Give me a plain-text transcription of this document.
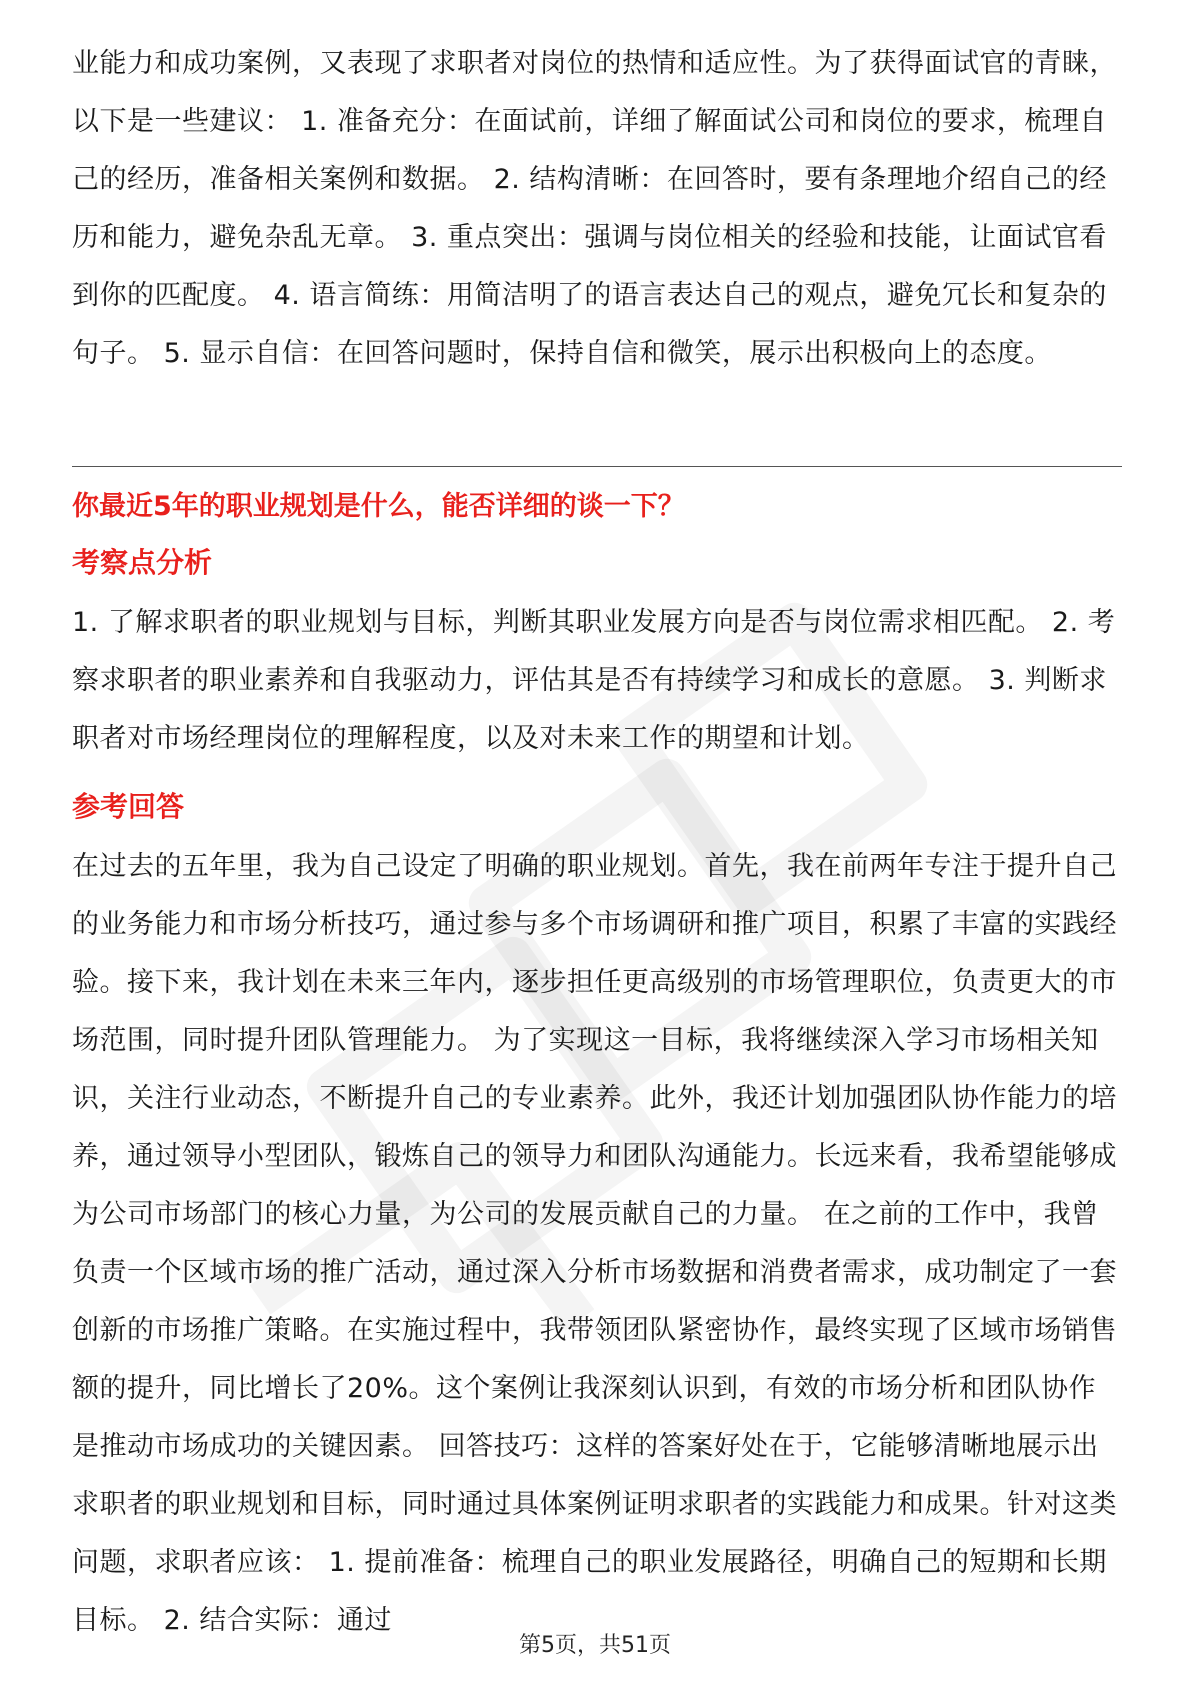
业能力和成功案例，又表现了求职者对岗位的热情和适应性。为了获得面试官的青睐，以下是一些建议： 1. 准备充分：在面试前，详细了解面试公司和岗位的要求，梳理自己的经历，准备相关案例和数据。 2. 结构清晰：在回答时，要有条理地介绍自己的经历和能力，避免杂乱无章。 3. 重点突出：强调与岗位相关的经验和技能，让面试官看到你的匹配度。 4. 语言简练：用简洁明了的语言表达自己的观点，避免冗长和复杂的句子。 5. 显示自信：在回答问题时，保持自信和微笑，展示出积极向上的态度。

你最近5年的职业规划是什么，能否详细的谈一下？

考察点分析

1. 了解求职者的职业规划与目标，判断其职业发展方向是否与岗位需求相匹配。 2. 考察求职者的职业素养和自我驱动力，评估其是否有持续学习和成长的意愿。 3. 判断求职者对市场经理岗位的理解程度，以及对未来工作的期望和计划。

参考回答

在过去的五年里，我为自己设定了明确的职业规划。首先，我在前两年专注于提升自己的业务能力和市场分析技巧，通过参与多个市场调研和推广项目，积累了丰富的实践经验。接下来，我计划在未来三年内，逐步担任更高级别的市场管理职位，负责更大的市场范围，同时提升团队管理能力。 为了实现这一目标，我将继续深入学习市场相关知识，关注行业动态，不断提升自己的专业素养。此外，我还计划加强团队协作能力的培养，通过领导小型团队，锻炼自己的领导力和团队沟通能力。长远来看，我希望能够成为公司市场部门的核心力量，为公司的发展贡献自己的力量。 在之前的工作中，我曾负责一个区域市场的推广活动，通过深入分析市场数据和消费者需求，成功制定了一套创新的市场推广策略。在实施过程中，我带领团队紧密协作，最终实现了区域市场销售额的提升，同比增长了20%。这个案例让我深刻认识到，有效的市场分析和团队协作是推动市场成功的关键因素。 回答技巧：这样的答案好处在于，它能够清晰地展示出求职者的职业规划和目标，同时通过具体案例证明求职者的实践能力和成果。针对这类问题，求职者应该： 1. 提前准备：梳理自己的职业发展路径，明确自己的短期和长期目标。 2. 结合实际：通过

第5页，共51页
